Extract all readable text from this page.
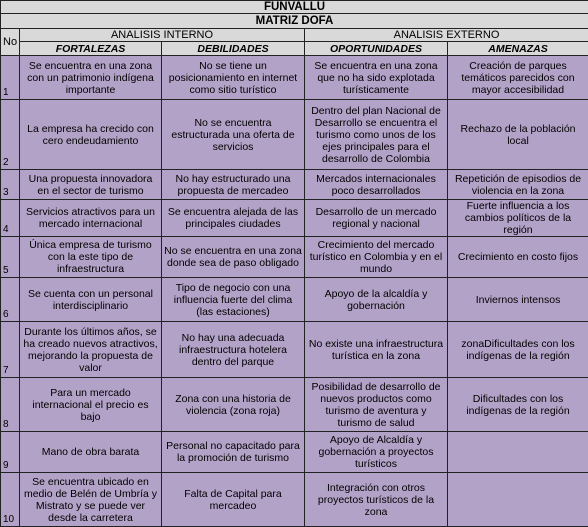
FUNVALLU				
MATRIZ DOFA				
No	ANALISIS INTERNO		ANALISIS EXTERNO	
	FORTALEZAS	DEBILIDADES	OPORTUNIDADES	AMENAZAS
1	Se encuentra en una zona con un patrimonio indígena importante	No se tiene un posicionamiento en internet como sitio turístico	Se encuentra en una zona que no ha sido explotada turísticamente	Creación de parques temáticos parecidos con mayor accesibilidad
2	La empresa ha crecido con cero endeudamiento	No se encuentra estructurada una oferta de servicios	Dentro del plan Nacional de Desarrollo se encuentra el turismo como unos de los ejes principales para el desarrollo de Colombia	Rechazo de la población local
3	Una propuesta innovadora en el sector de turismo	No hay estructurado una propuesta de mercadeo	Mercados internacionales poco desarrollados	Repetición de episodios de violencia en la zona
4	Servicios atractivos para un mercado internacional	Se encuentra alejada de las principales ciudades	Desarrollo de un mercado regional y nacional	Fuerte influencia a los cambios políticos de la región
5	Única empresa de turismo con la este tipo de infraestructura	No se encuentra en una zona donde sea de paso obligado	Crecimiento del mercado turístico en Colombia y en el mundo	Crecimiento en costo fijos
6	Se cuenta con un personal interdisciplinario	Tipo de negocio con una influencia fuerte del clima (las estaciones)	Apoyo de la alcaldía y gobernación	Inviernos intensos
7	Durante los últimos años, se ha creado nuevos atractivos, mejorando la propuesta de valor	No hay una adecuada infraestructura hotelera dentro del parque	No existe una infraestructura turística en la zona	zonaDificultades con los indígenas de la región
8	Para un mercado internacional el precio es bajo	Zona con una historia de violencia (zona roja)	Posibilidad de desarrollo de nuevos productos como turismo de aventura y turismo de salud	Dificultades con los indígenas de la región
9	Mano de obra barata	Personal no capacitado para la promoción de turismo	Apoyo de Alcaldía y gobernación a proyectos turísticos	
10	Se encuentra ubicado en medio de Belén de Umbría y Mistrato y se puede ver desde la carretera	Falta de Capital para mercadeo	Integración con otros proyectos turísticos de la zona	
